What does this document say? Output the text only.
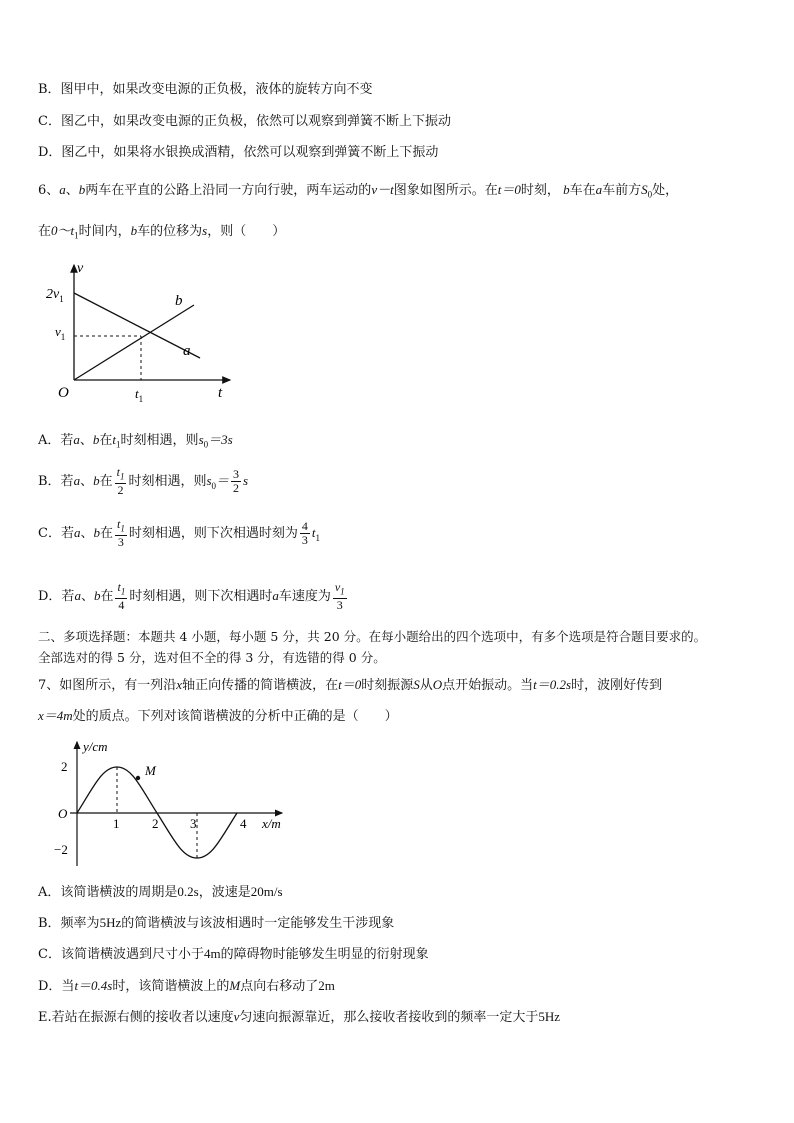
B．图甲中，如果改变电源的正负极，液体的旋转方向不变
C．图乙中，如果改变电源的正负极，依然可以观察到弹簧不断上下振动
D．图乙中，如果将水银换成酒精，依然可以观察到弹簧不断上下振动
6、a、b两车在平直的公路上沿同一方向行驶，两车运动的v－t图象如图所示。在t＝0时刻， b车在a车前方$S_0$处，
在$0\sim t_1$时间内，b车的位移为s，则（　　）
v
t
O
$2v_1$
$v_1$
$t_1$
b
a
A．若a、b在$t_1$时刻相遇，则$s_0=3s$
B．若a、b在 $\frac{t_1}{2}$ 时刻相遇，则$s_0= \frac{3}{2}$ s
C．若a、b在 $\frac{t_1}{3}$ 时刻相遇，则下次相遇时刻为 $\frac{4}{3} t_1$
D．若a、b在 $\frac{t_1}{4}$ 时刻相遇，则下次相遇时a车速度为 $\frac{v_1}{3}$
二、多项选择题：本题共 4 小题，每小题 5 分，共 20 分。在每小题给出的四个选项中，有多个选项是符合题目要求的。
全部选对的得 5 分，选对但不全的得 3 分，有选错的得 0 分。
7、如图所示，有一列沿x轴正向传播的简谐横波，在t＝0时刻振源S从O点开始振动。当t＝0.2s时，波刚好传到
x＝4m处的质点。下列对该简谐横波的分析中正确的是（　　）
y/cm
x/m
O
2
−2
1	2 3	4
M
A．该简谐横波的周期是0.2s，波速是20m/s
B．频率为5Hz的简谐横波与该波相遇时一定能够发生干涉现象
C．该简谐横波遇到尺寸小于4m的障碍物时能够发生明显的衍射现象
D．当t＝0.4s时，该简谐横波上的M点向右移动了2m
E.若站在振源右侧的接收者以速度v匀速向振源靠近，那么接收者接收到的频率一定大于5Hz
